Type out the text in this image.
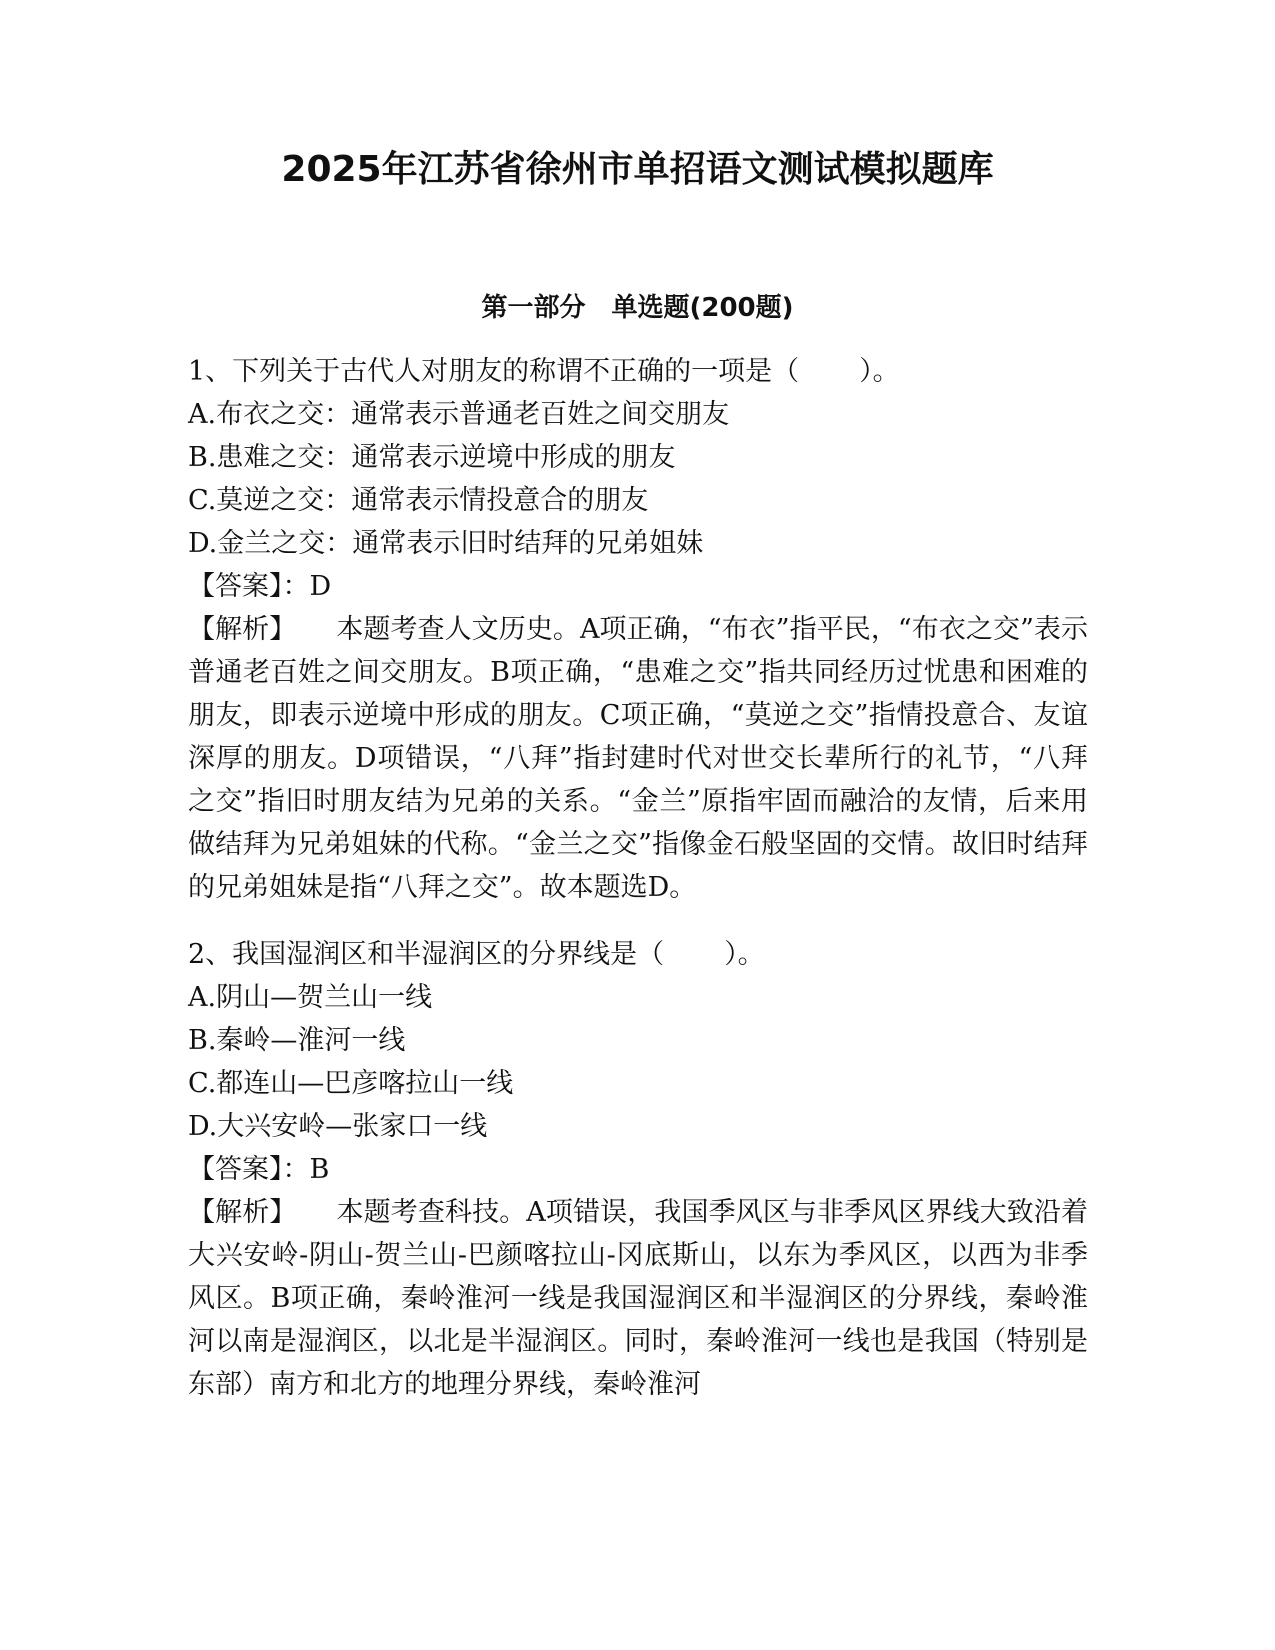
2025年江苏省徐州市单招语文测试模拟题库
第一部分　单选题(200题)

1、下列关于古代人对朋友的称谓不正确的一项是（ ）。

A.布衣之交：通常表示普通老百姓之间交朋友

B.患难之交：通常表示逆境中形成的朋友

C.莫逆之交：通常表示情投意合的朋友

D.金兰之交：通常表示旧时结拜的兄弟姐妹

【答案】：D

【解析】 本题考查人文历史。A项正确，“布衣”指平民，“布衣之交”表示普通老百姓之间交朋友。B项正确，“患难之交”指共同经历过忧患和困难的朋友，即表示逆境中形成的朋友。C项正确，“莫逆之交”指情投意合、友谊深厚的朋友。D项错误，“八拜”指封建时代对世交长辈所行的礼节，“八拜之交”指旧时朋友结为兄弟的关系。“金兰”原指牢固而融洽的友情，后来用做结拜为兄弟姐妹的代称。“金兰之交”指像金石般坚固的交情。故旧时结拜的兄弟姐妹是指“八拜之交”。故本题选D。

2、我国湿润区和半湿润区的分界线是（ ）。

A.阴山—贺兰山一线

B.秦岭—淮河一线

C.都连山—巴彦喀拉山一线

D.大兴安岭—张家口一线

【答案】：B

【解析】 本题考查科技。A项错误，我国季风区与非季风区界线大致沿着大兴安岭-阴山-贺兰山-巴颜喀拉山-冈底斯山，以东为季风区，以西为非季风区。B项正确，秦岭淮河一线是我国湿润区和半湿润区的分界线，秦岭淮河以南是湿润区，以北是半湿润区。同时，秦岭淮河一线也是我国（特别是东部）南方和北方的地理分界线，秦岭淮河
